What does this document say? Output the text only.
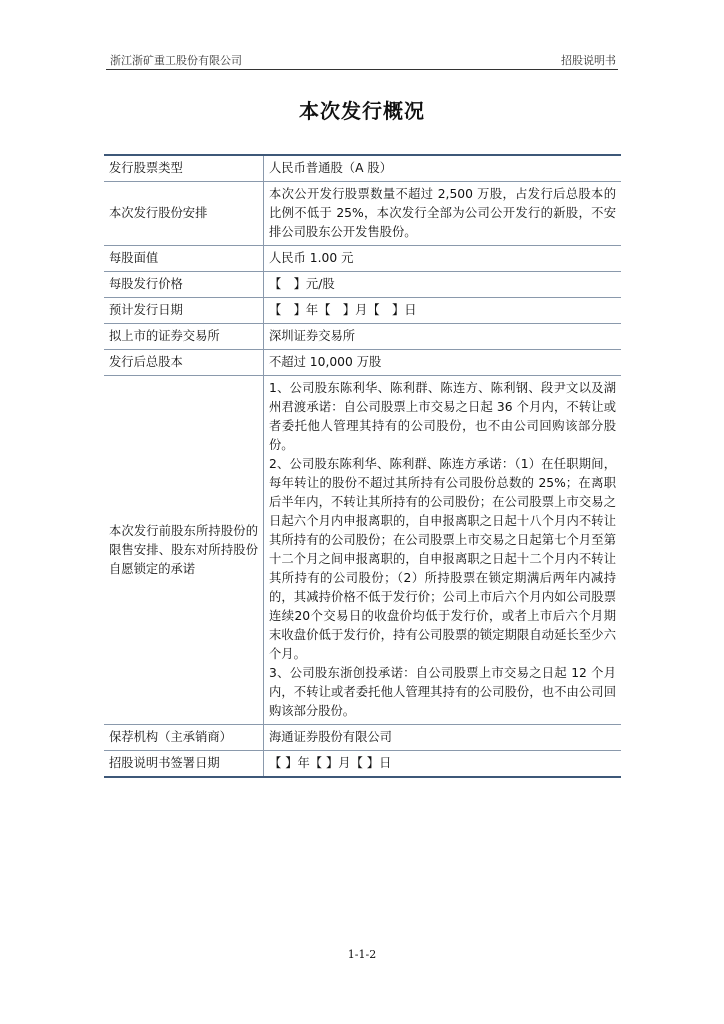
浙江浙矿重工股份有限公司	招股说明书
本次发行概况
发行股票类型	人民币普通股（A 股）
本次发行股份安排	本次公开发行股票数量不超过 2,500 万股，占发行后总股本的比例不低于 25%，本次发行全部为公司公开发行的新股，不安排公司股东公开发售股份。
每股面值	人民币 1.00 元
每股发行价格	【　】元/股
预计发行日期	【　】年【　】月【　】日
拟上市的证券交易所	深圳证券交易所
发行后总股本	不超过 10,000 万股
本次发行前股东所持股份的限售安排、股东对所持股份自愿锁定的承诺	1、公司股东陈利华、陈利群、陈连方、陈利钢、段尹文以及湖州君渡承诺：自公司股票上市交易之日起 36 个月内，不转让或者委托他人管理其持有的公司股份，也不由公司回购该部分股份。

2、公司股东陈利华、陈利群、陈连方承诺：（1）在任职期间，每年转让的股份不超过其所持有公司股份总数的 25%；在离职后半年内，不转让其所持有的公司股份；在公司股票上市交易之日起六个月内申报离职的，自申报离职之日起十八个月内不转让其所持有的公司股份；在公司股票上市交易之日起第七个月至第十二个月之间申报离职的，自申报离职之日起十二个月内不转让其所持有的公司股份；（2）所持股票在锁定期满后两年内减持的，其减持价格不低于发行价；公司上市后六个月内如公司股票连续20个交易日的收盘价均低于发行价，或者上市后六个月期末收盘价低于发行价，持有公司股票的锁定期限自动延长至少六个月。

3、公司股东浙创投承诺：自公司股票上市交易之日起 12 个月内，不转让或者委托他人管理其持有的公司股份，也不由公司回购该部分股份。

保荐机构（主承销商）	海通证券股份有限公司
招股说明书签署日期	【 】年【 】月【 】日
1-1-2
